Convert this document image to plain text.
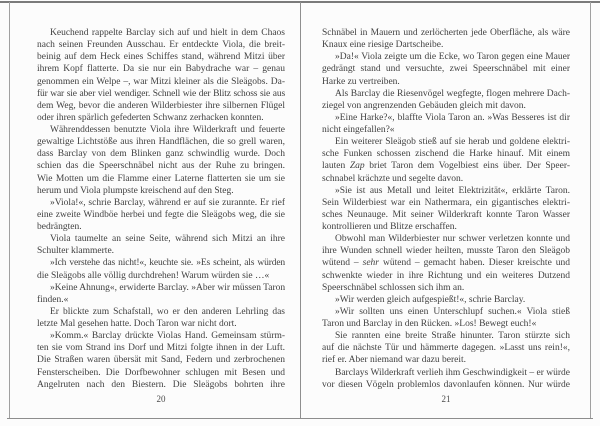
Keuchend rappelte Barclay sich auf und hielt in dem Chaos
nach seinen Freunden Ausschau. Er entdeckte Viola, die breit-
beinig auf dem Heck eines Schiffes stand, während Mitzi über
ihrem Kopf flatterte. Da sie nur ein Babydrache war – genau
genommen ein Welpe –, war Mitzi kleiner als die Sleägobs. Da-
für war sie aber viel wendiger. Schnell wie der Blitz schoss sie aus
dem Weg, bevor die anderen Wilderbiester ihre silbernen Flügel
oder ihren spärlich gefederten Schwanz zerhacken konnten.
Währenddessen benutzte Viola ihre Wilderkraft und feuerte
gewaltige Lichtstöße aus ihren Handflächen, die so grell waren,
dass Barclay von dem Blinken ganz schwindlig wurde. Doch
schien das die Speerschnäbel nicht aus der Ruhe zu bringen.
Wie Motten um die Flamme einer Laterne flatterten sie um sie
herum und Viola plumpste kreischend auf den Steg.
»Viola!«, schrie Barclay, während er auf sie zurannte. Er rief
eine zweite Windböe herbei und fegte die Sleägobs weg, die sie
bedrängten.
Viola taumelte an seine Seite, während sich Mitzi an ihre
Schulter klammerte.
»Ich verstehe das nicht!«, keuchte sie. »Es scheint, als würden
die Sleägobs alle völlig durchdrehen! Warum würden sie …«
»Keine Ahnung«, erwiderte Barclay. »Aber wir müssen Taron
finden.«
Er blickte zum Schafstall, wo er den anderen Lehrling das
letzte Mal gesehen hatte. Doch Taron war nicht dort.
»Komm.« Barclay drückte Violas Hand. Gemeinsam stürm-
ten sie vom Strand ins Dorf und Mitzi folgte ihnen in der Luft.
Die Straßen waren übersät mit Sand, Federn und zerbrochenen
Fensterscheiben. Die Dorfbewohner schlugen mit Besen und
Angelruten nach den Biestern. Die Sleägobs bohrten ihre
Schnäbel in Mauern und zerlöcherten jede Oberfläche, als wäre
Knaux eine riesige Dartscheibe.
»Da!« Viola zeigte um die Ecke, wo Taron gegen eine Mauer
gedrängt stand und versuchte, zwei Speerschnäbel mit einer
Harke zu vertreiben.
Als Barclay die Riesenvögel wegfegte, flogen mehrere Dach-
ziegel von angrenzenden Gebäuden gleich mit davon.
»Eine Harke?«, blaffte Viola Taron an. »Was Besseres ist dir
nicht eingefallen?«
Ein weiterer Sleägob stieß auf sie herab und goldene elektri-
sche Funken schossen zischend die Harke hinauf. Mit einem
lauten Zap briet Taron dem Vogelbiest eins über. Der Speer-
schnabel krächzte und segelte davon.
»Sie ist aus Metall und leitet Elektrizität«, erklärte Taron.
Sein Wilderbiest war ein Nathermara, ein gigantisches elektri-
sches Neunauge. Mit seiner Wilderkraft konnte Taron Wasser
kontrollieren und Blitze erschaffen.
Obwohl man Wilderbiester nur schwer verletzen konnte und
ihre Wunden schnell wieder heilten, musste Taron den Sleägob
wütend – sehr wütend – gemacht haben. Dieser kreischte und
schwenkte wieder in ihre Richtung und ein weiteres Dutzend
Speerschnäbel schlossen sich ihm an.
»Wir werden gleich aufgespießt!«, schrie Barclay.
»Wir sollten uns einen Unterschlupf suchen.« Viola stieß
Taron und Barclay in den Rücken. »Los! Bewegt euch!«
Sie rannten eine breite Straße hinunter. Taron stürzte sich
auf die nächste Tür und hämmerte dagegen. »Lasst uns rein!«,
rief er. Aber niemand war dazu bereit.
Barclays Wilderkraft verlieh ihm Geschwindigkeit – er würde
vor diesen Vögeln problemlos davonlaufen können. Nur würde
20	21
